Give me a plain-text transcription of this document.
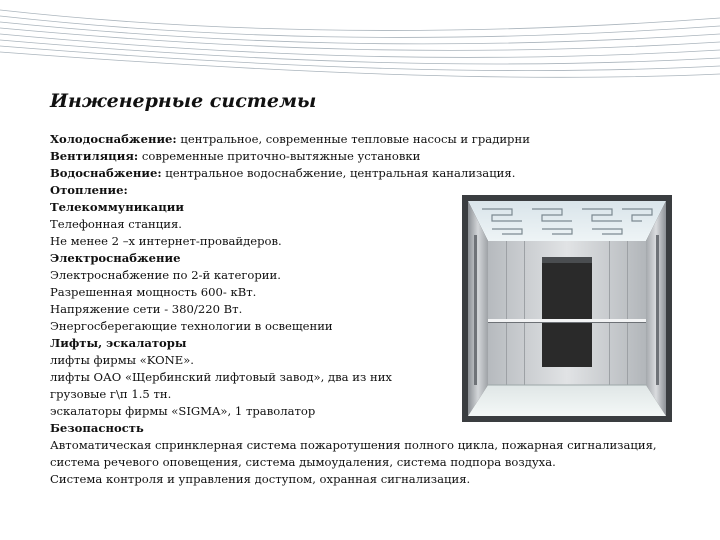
Инженерные системы
Холодоснабжение: центральное, современные тепловые насосы и градирни
Вентиляция: современные приточно-вытяжные установки
Водоснабжение: центральное водоснабжение, центральная канализация.
Отопление:
Телекоммуникации
Телефонная станция.
Не менее 2 –х интернет-провайдеров.
Электроснабжение
Электроснабжение по 2-й категории.
Разрешенная мощность 600- кВт.
Напряжение сети - 380/220 Вт.
Энергосберегающие технологии в освещении
Лифты, эскалаторы
лифты фирмы «KONE».
лифты ОАО «Щербинский лифтовый завод», два из них
грузовые г\п 1.5 тн.
эскалаторы фирмы «SIGMA», 1 траволатор
Безопасность
Автоматическая спринклерная система пожаротушения полного цикла, пожарная сигнализация,
система речевого оповещения, система дымоудаления, система подпора воздуха.
Система контроля и управления доступом, охранная сигнализация.
